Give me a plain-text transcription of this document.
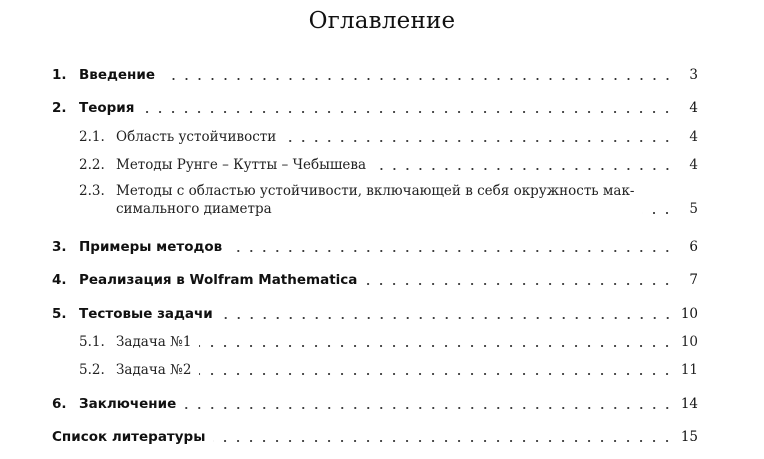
Оглавление
1. Введение	3
2. Теория	4
2.1. Область устойчивости	4
2.2. Методы Рунге – Кутты – Чебышева	4
2.3. Методы с областью устойчивости, включающей в себя окружность мак-
симального диаметра	5
3. Примеры методов	6
4. Реализация в Wolfram Mathematica	7
5. Тестовые задачи	10
5.1. Задача №1	10
5.2. Задача №2	11
6. Заключение	14
Список литературы	15
